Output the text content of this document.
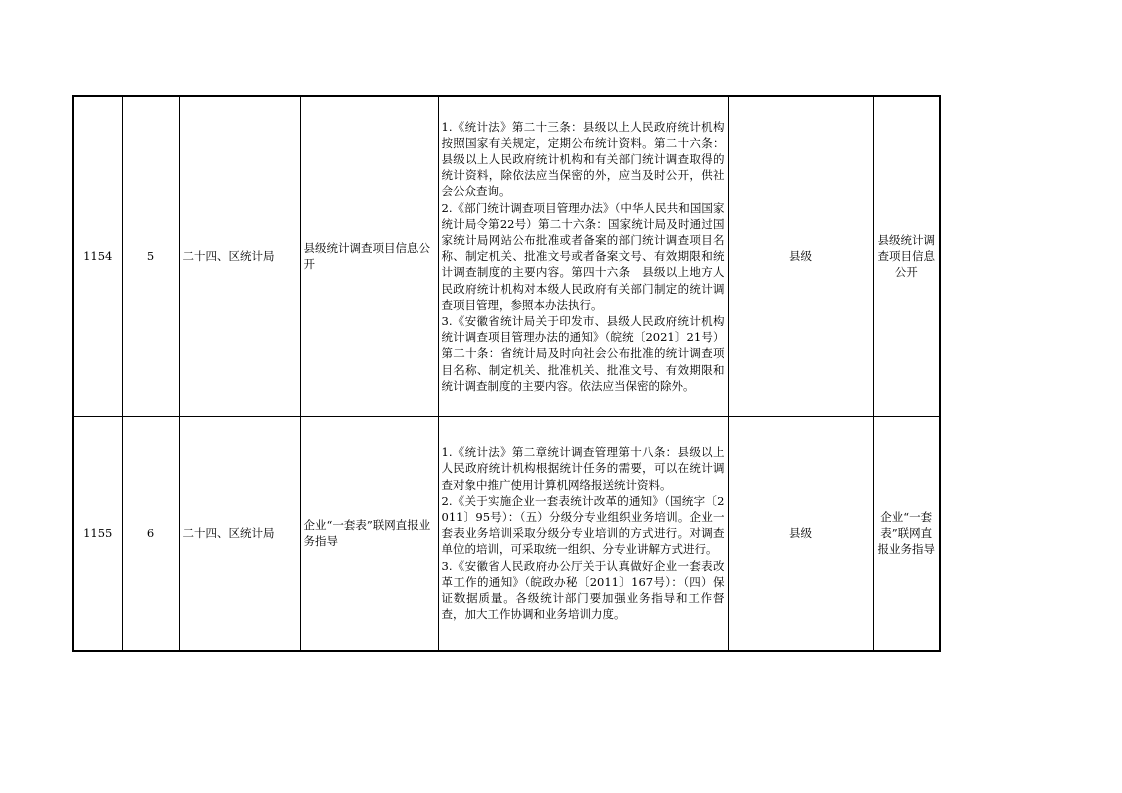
1154	5	二十四、区统计局	县级统计调查项目信息公开	1.《统计法》第二十三条：县级以上人民政府统计机构按照国家有关规定，定期公布统计资料。第二十六条：县级以上人民政府统计机构和有关部门统计调查取得的统计资料，除依法应当保密的外，应当及时公开，供社会公众查询。
2.《部门统计调查项目管理办法》（中华人民共和国国家统计局令第22号）第二十六条：国家统计局及时通过国家统计局网站公布批准或者备案的部门统计调查项目名称、制定机关、批准文号或者备案文号、有效期限和统计调查制度的主要内容。第四十六条　县级以上地方人民政府统计机构对本级人民政府有关部门制定的统计调查项目管理，参照本办法执行。
3.《安徽省统计局关于印发市、县级人民政府统计机构统计调查项目管理办法的通知》（皖统〔2021〕21号）第二十条：省统计局及时向社会公布批准的统计调查项目名称、制定机关、批准机关、批准文号、有效期限和统计调查制度的主要内容。依法应当保密的除外。	县级	县级统计调查项目信息公开
1155	6	二十四、区统计局	企业“一套表”联网直报业务指导	1.《统计法》第二章统计调查管理第十八条：县级以上人民政府统计机构根据统计任务的需要，可以在统计调查对象中推广使用计算机网络报送统计资料。
2.《关于实施企业一套表统计改革的通知》（国统字〔2011〕95号）：（五）分级分专业组织业务培训。企业一套表业务培训采取分级分专业培训的方式进行。对调查单位的培训，可采取统一组织、分专业讲解方式进行。
3.《安徽省人民政府办公厅关于认真做好企业一套表改革工作的通知》（皖政办秘〔2011〕167号）：（四）保证数据质量。各级统计部门要加强业务指导和工作督查，加大工作协调和业务培训力度。	县级	企业“一套表”联网直报业务指导
